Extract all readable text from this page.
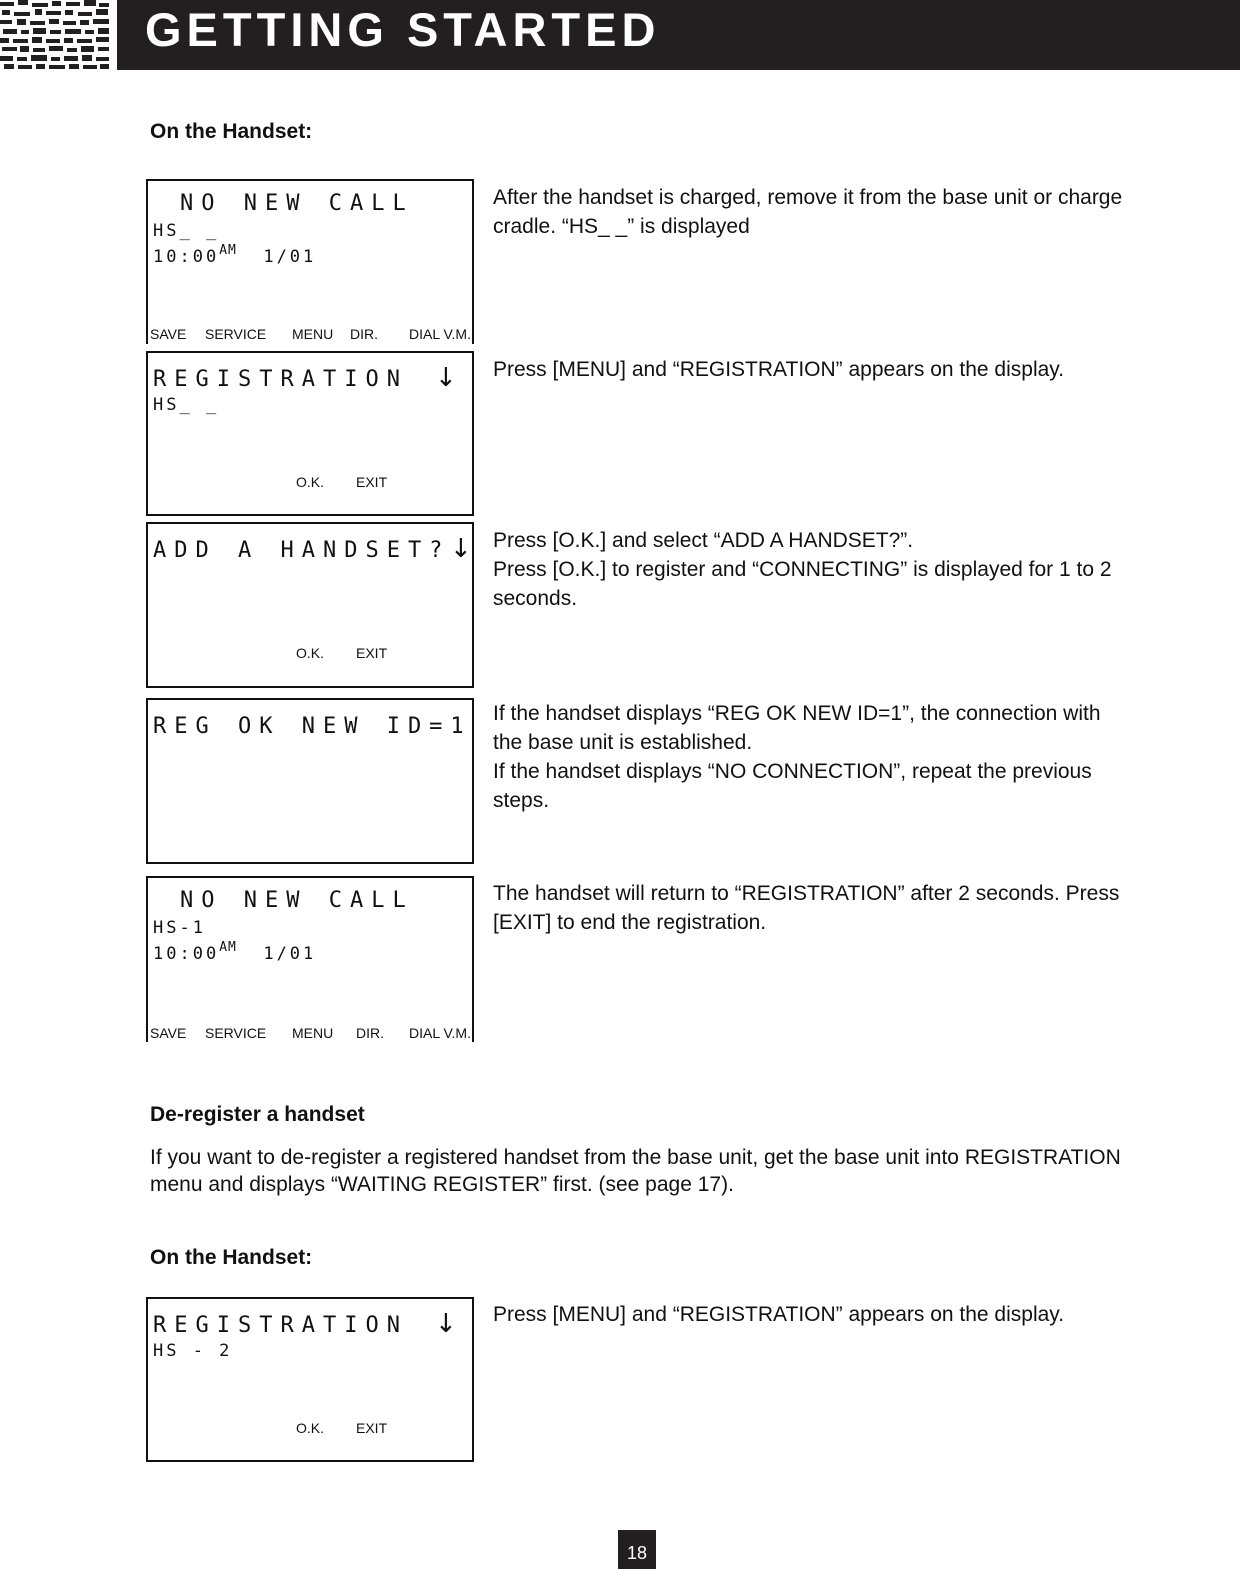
GETTING STARTED
On the Handset:
NO NEW CALL
HS_ _
$10:00^{AM}$ 1/01
SAVE SERVICE MENU DIR. DIAL V.M.

After the handset is charged, remove it from the base unit or charge cradle. “HS_ _” is displayed

REGISTRATION ↓
HS_ _
O.K. EXIT

Press [MENU] and “REGISTRATION” appears on the display.

ADD A HANDSET? ↓
O.K. EXIT

Press [O.K.] and select “ADD A HANDSET?”.

Press [O.K.] to register and “CONNECTING” is displayed for 1 to 2 seconds.

REG OK NEW ID=1

If the handset displays “REG OK NEW ID=1”, the connection with the base unit is established.

If the handset displays “NO CONNECTION”, repeat the previous steps.

NO NEW CALL
HS-1
$10:00^{AM}$ 1/01
SAVE SERVICE MENU DIR. DIAL V.M.

The handset will return to “REGISTRATION” after 2 seconds. Press [EXIT] to end the registration.

De-register a handset
If you want to de-register a registered handset from the base unit, get the base unit into REGISTRATION menu and displays “WAITING REGISTER” first. (see page 17).
On the Handset:
REGISTRATION ↓
HS - 2
O.K. EXIT

Press [MENU] and “REGISTRATION” appears on the display.

18
